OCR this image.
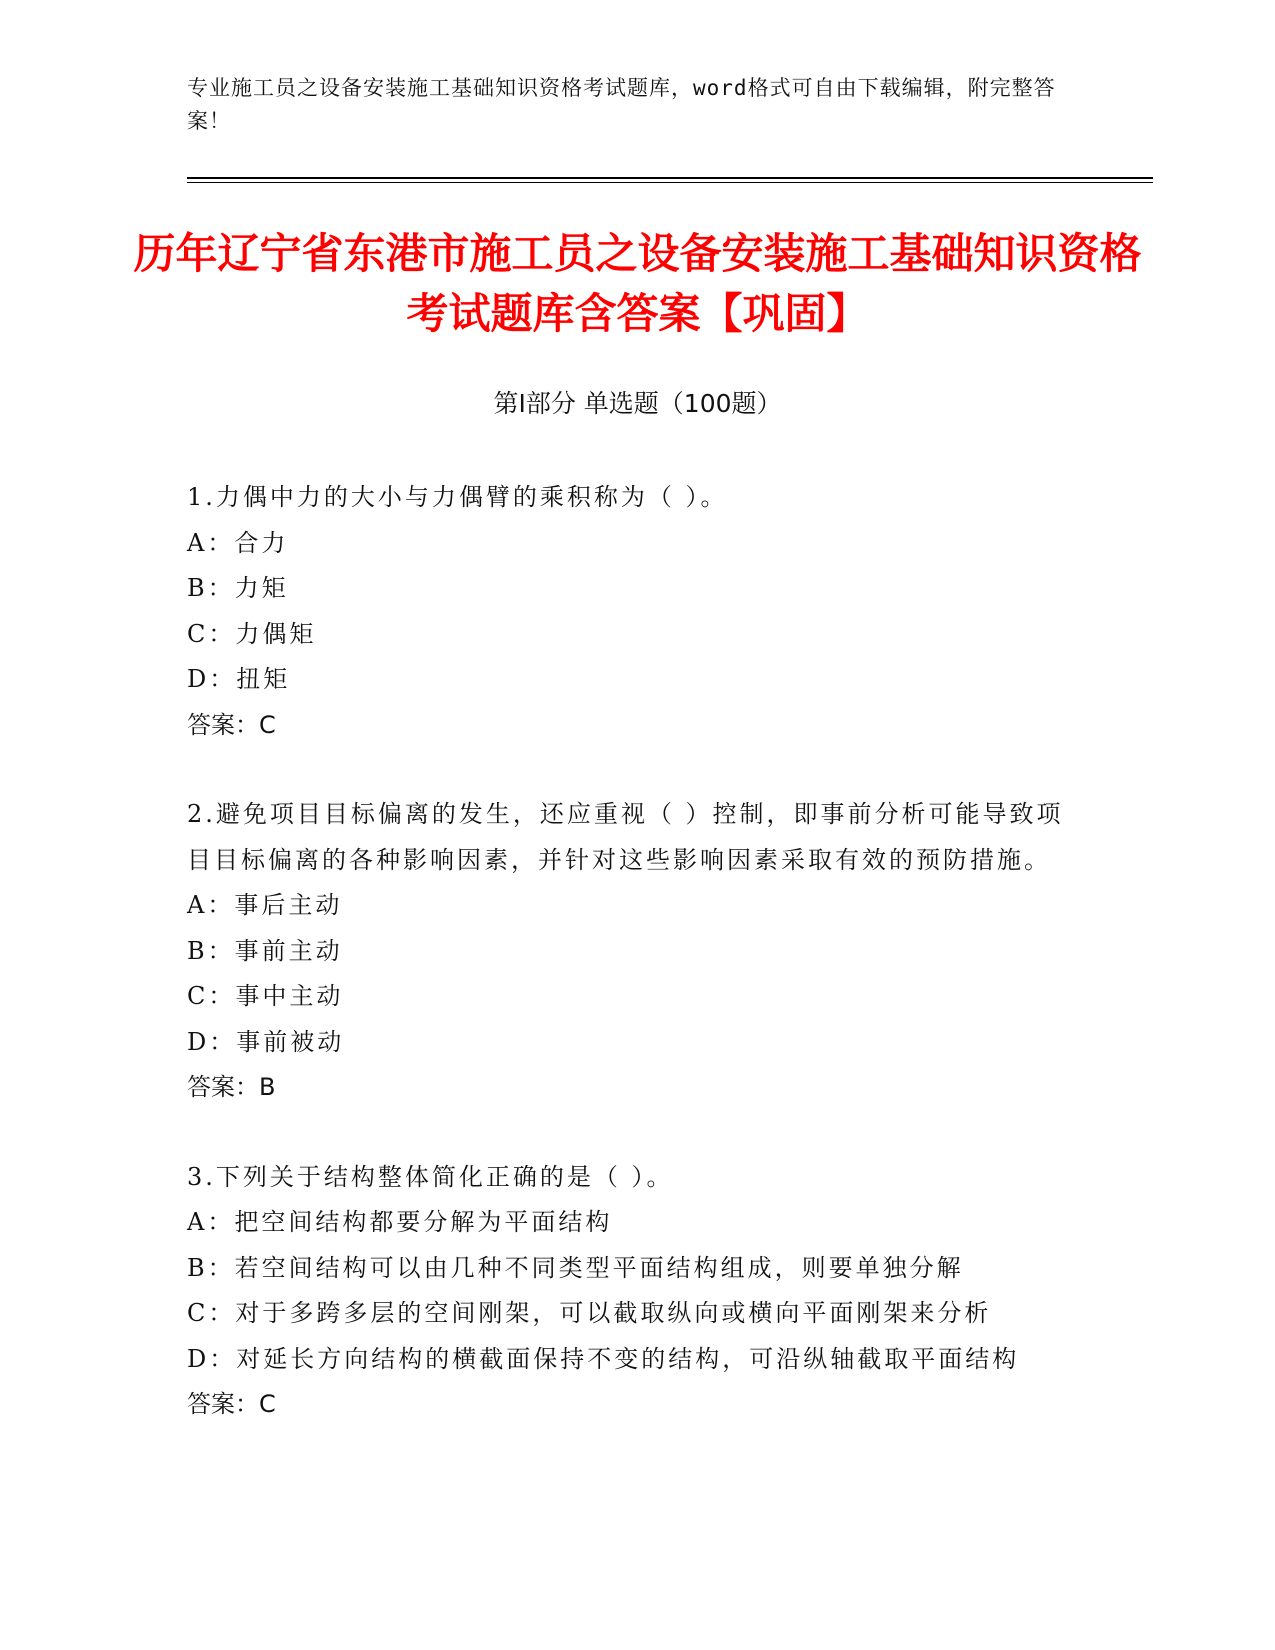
专业施工员之设备安装施工基础知识资格考试题库，word格式可自由下载编辑，附完整答案！
历年辽宁省东港市施工员之设备安装施工基础知识资格考试题库含答案【巩固】
第Ⅰ部分 单选题（100题）
1.力偶中力的大小与力偶臂的乘积称为（ ）。
A：合力
B：力矩
C：力偶矩
D：扭矩
答案：C
2.避免项目目标偏离的发生，还应重视（ ）控制，即事前分析可能导致项目目标偏离的各种影响因素，并针对这些影响因素采取有效的预防措施。
A：事后主动
B：事前主动
C：事中主动
D：事前被动
答案：B
3.下列关于结构整体简化正确的是（ ）。
A：把空间结构都要分解为平面结构
B：若空间结构可以由几种不同类型平面结构组成，则要单独分解
C：对于多跨多层的空间刚架，可以截取纵向或横向平面刚架来分析
D：对延长方向结构的横截面保持不变的结构，可沿纵轴截取平面结构
答案：C
